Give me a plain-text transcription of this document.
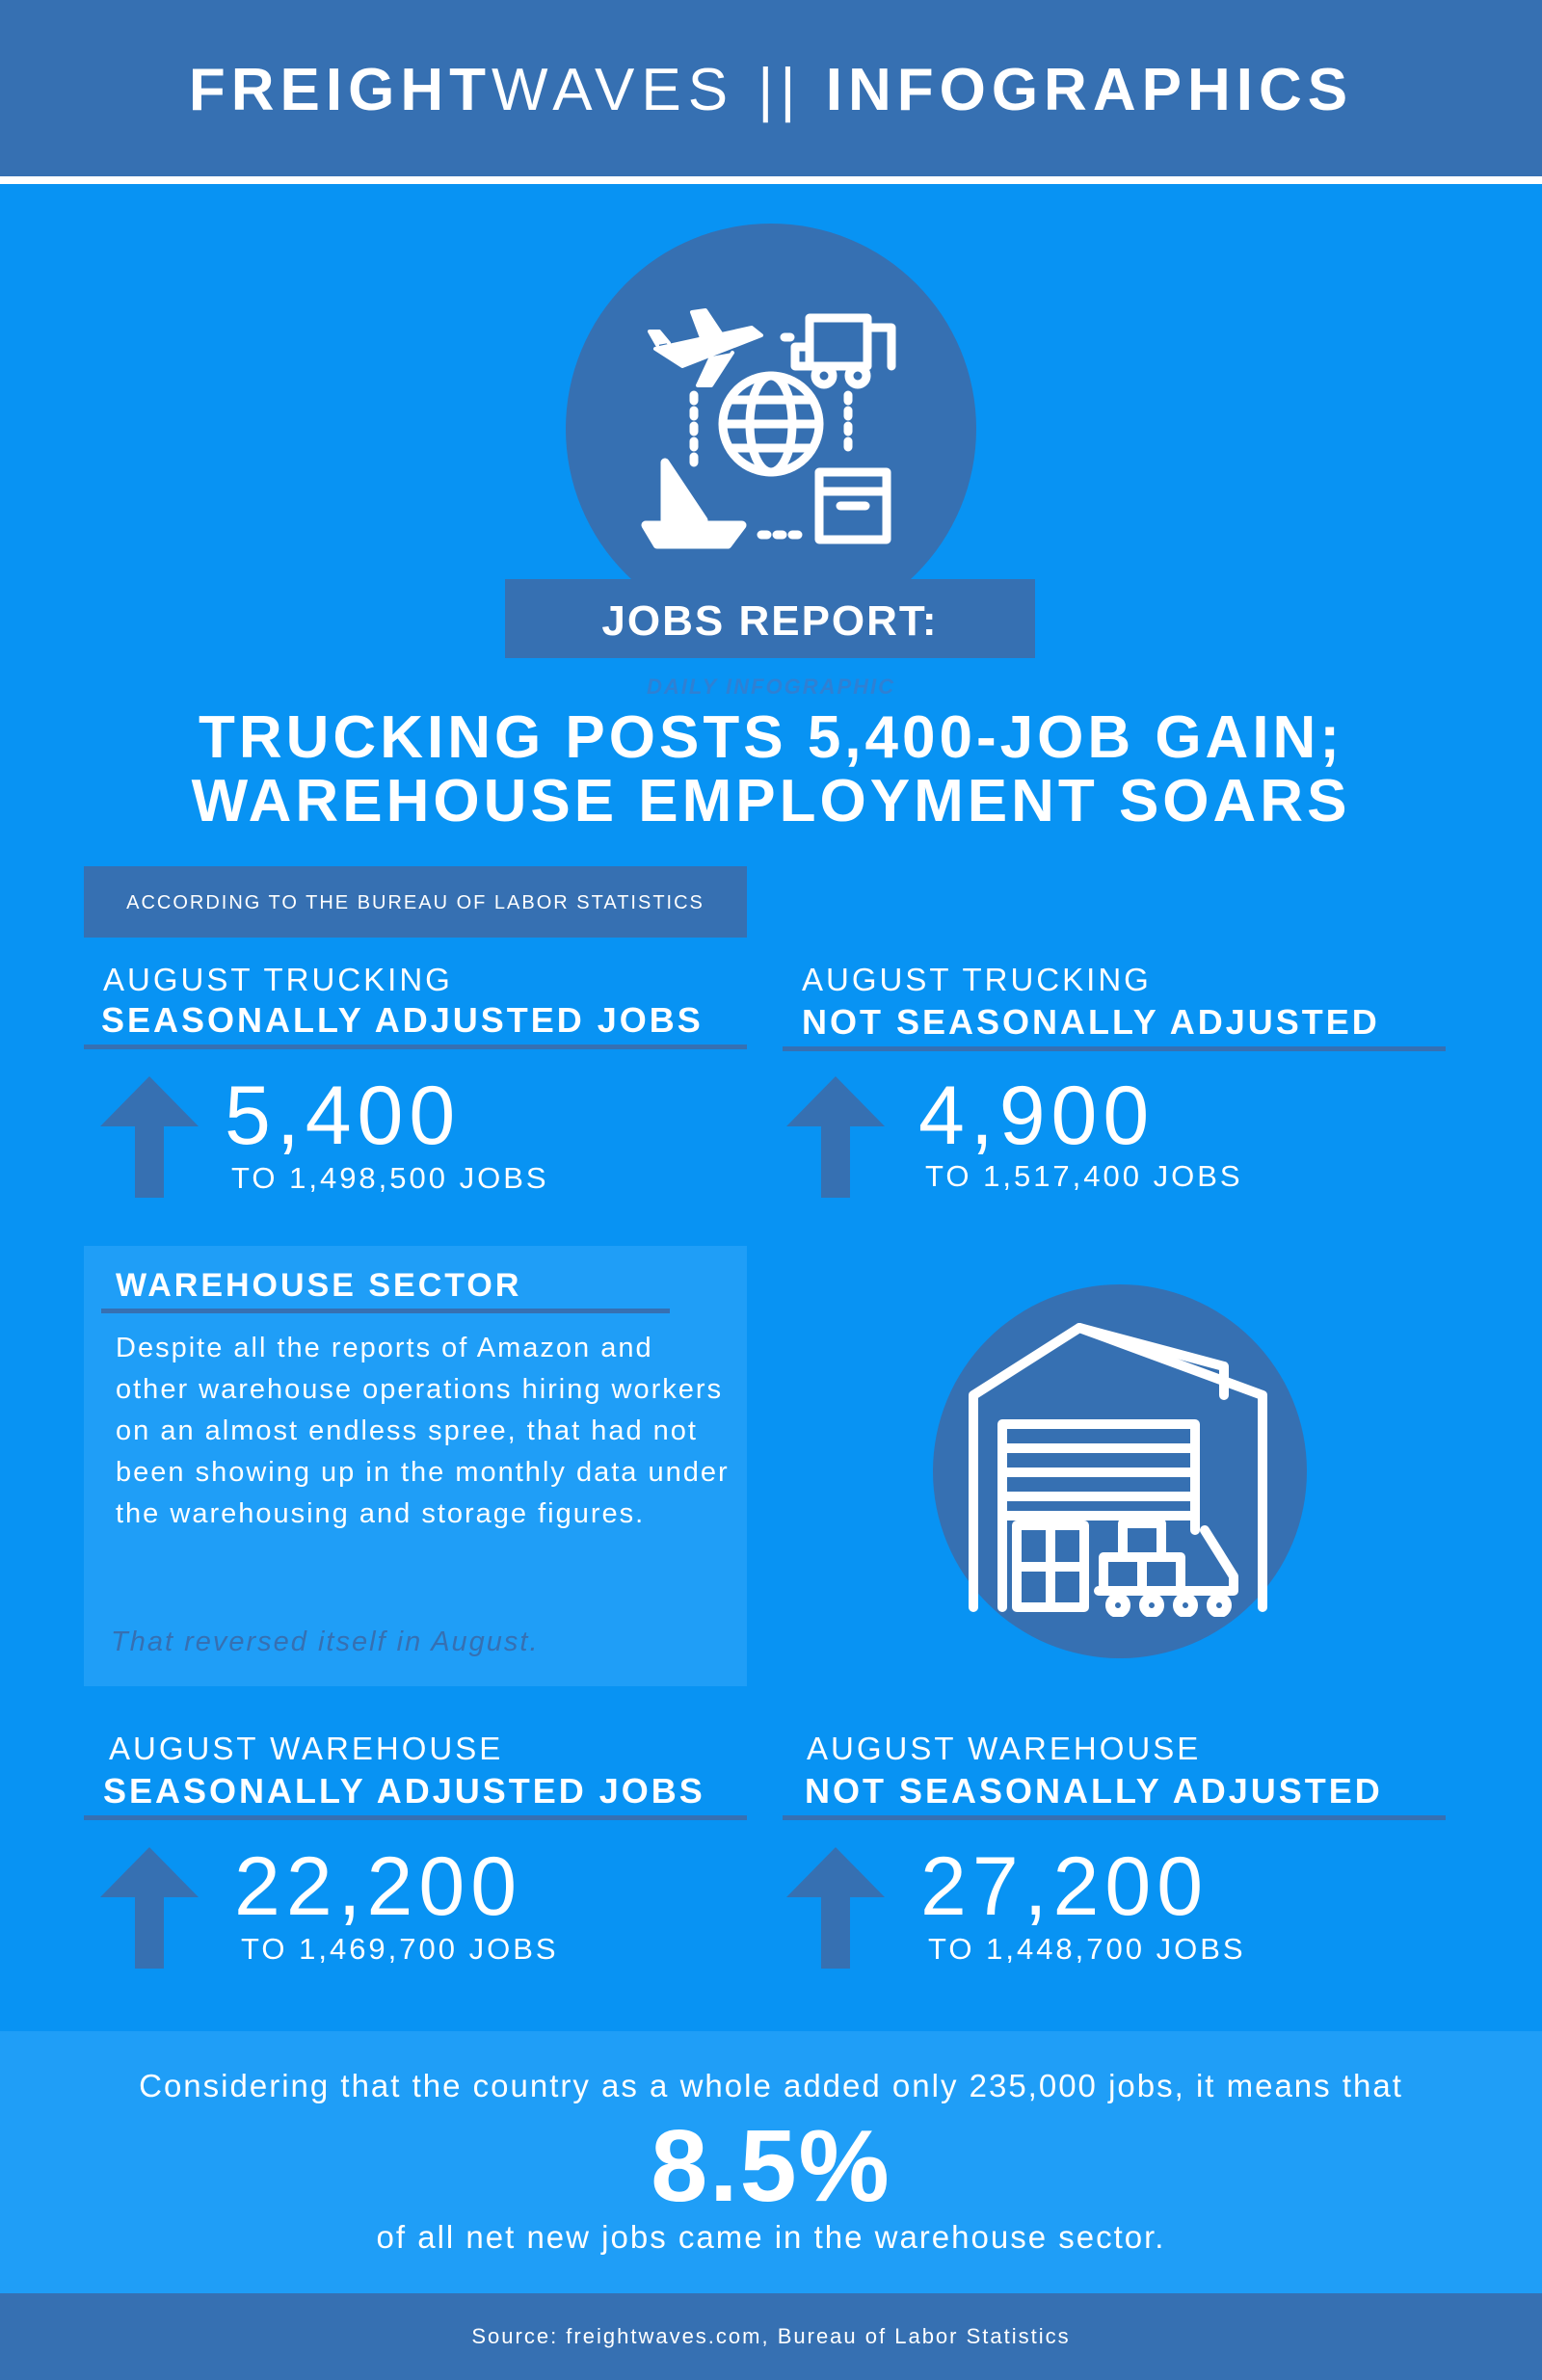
FREIGHTWAVES || INFOGRAPHICS
JOBS REPORT:
DAILY INFOGRAPHIC
TRUCKING POSTS 5,400-JOB GAIN;
WAREHOUSE EMPLOYMENT SOARS
ACCORDING TO THE BUREAU OF LABOR STATISTICS
AUGUST TRUCKING
SEASONALLY ADJUSTED JOBS
5,400
TO 1,498,500 JOBS
AUGUST TRUCKING
NOT SEASONALLY ADJUSTED
4,900
TO 1,517,400 JOBS
WAREHOUSE SECTOR
Despite all the reports of Amazon and other warehouse operations hiring workers on an almost endless spree, that had not been showing up in the monthly data under the warehousing and storage figures.
That reversed itself in August.
AUGUST WAREHOUSE
SEASONALLY ADJUSTED JOBS
22,200
TO 1,469,700 JOBS
AUGUST WAREHOUSE
NOT SEASONALLY ADJUSTED
27,200
TO 1,448,700 JOBS
Considering that the country as a whole added only 235,000 jobs, it means that
8.5%
of all net new jobs came in the warehouse sector.
Source: freightwaves.com, Bureau of Labor Statistics
